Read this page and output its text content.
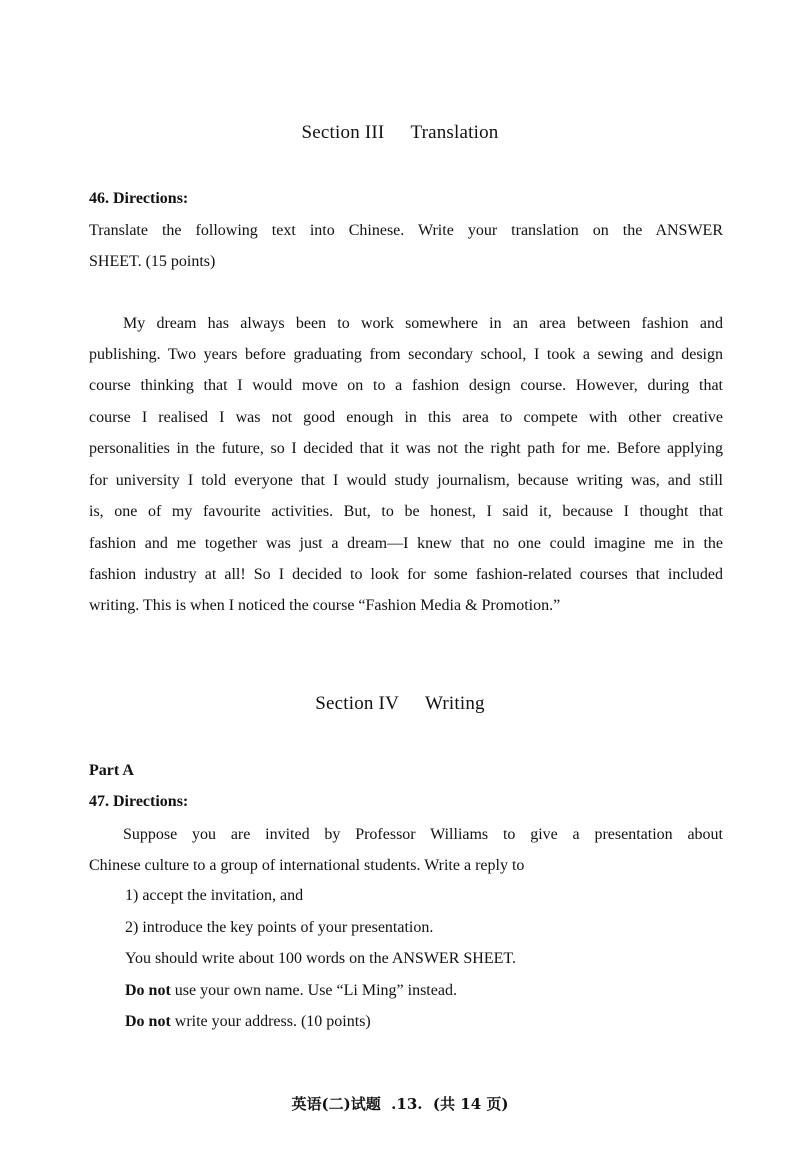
Section III Translation
46. Directions:
Translate the following text into Chinese. Write your translation on the ANSWER
SHEET. (15 points)
My dream has always been to work somewhere in an area between fashion and
publishing. Two years before graduating from secondary school, I took a sewing and design
course thinking that I would move on to a fashion design course. However, during that
course I realised I was not good enough in this area to compete with other creative
personalities in the future, so I decided that it was not the right path for me. Before applying
for university I told everyone that I would study journalism, because writing was, and still
is, one of my favourite activities. But, to be honest, I said it, because I thought that
fashion and me together was just a dream—I knew that no one could imagine me in the
fashion industry at all! So I decided to look for some fashion-related courses that included
writing. This is when I noticed the course “Fashion Media & Promotion.”
Section IV Writing
Part A
47. Directions:
Suppose you are invited by Professor Williams to give a presentation about
Chinese culture to a group of international students. Write a reply to
1) accept the invitation, and
2) introduce the key points of your presentation.
You should write about 100 words on the ANSWER SHEET.
Do not use your own name. Use “Li Ming” instead.
Do not write your address. (10 points)
英语(二)试题  .13.  (共 14 页)
